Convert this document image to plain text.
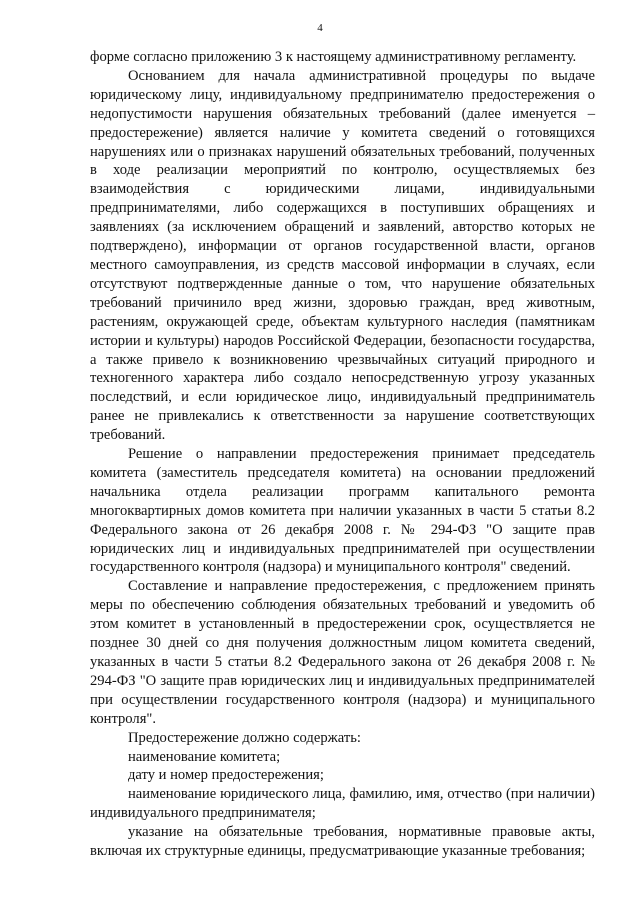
4

форме согласно приложению 3 к настоящему административному регламенту.

Основанием для начала административной процедуры по выдаче юридическому лицу, индивидуальному предпринимателю предостережения о недопустимости нарушения обязательных требований (далее именуется – предостережение) является наличие у комитета сведений о готовящихся нарушениях или о признаках нарушений обязательных требований, полученных в ходе реализации мероприятий по контролю, осуществляемых без взаимодействия с юридическими лицами, индивидуальными предпринимателями, либо содержащихся в поступивших обращениях и заявлениях (за исключением обращений и заявлений, авторство которых не подтверждено), информации от органов государственной власти, органов местного самоуправления, из средств массовой информации в случаях, если отсутствуют подтвержденные данные о том, что нарушение обязательных требований причинило вред жизни, здоровью граждан, вред животным, растениям, окружающей среде, объектам культурного наследия (памятникам истории и культуры) народов Российской Федерации, безопасности государства, а также привело к возникновению чрезвычайных ситуаций природного и техногенного характера либо создало непосредственную угрозу указанных последствий, и если юридическое лицо, индивидуальный предприниматель ранее не привлекались к ответственности за нарушение соответствующих требований.

Решение о направлении предостережения принимает председатель комитета (заместитель председателя комитета) на основании предложений начальника отдела реализации программ капитального ремонта многоквартирных домов комитета при наличии указанных в части 5 статьи 8.2 Федерального закона от 26 декабря 2008 г. № 294-ФЗ "О защите прав юридических лиц и индивидуальных предпринимателей при осуществлении государственного контроля (надзора) и муниципального контроля" сведений.

Составление и направление предостережения, с предложением принять меры по обеспечению соблюдения обязательных требований и уведомить об этом комитет в установленный в предостережении срок, осуществляется не позднее 30 дней со дня получения должностным лицом комитета сведений, указанных в части 5 статьи 8.2 Федерального закона от 26 декабря 2008 г. № 294-ФЗ "О защите прав юридических лиц и индивидуальных предпринимателей при осуществлении государственного контроля (надзора) и муниципального контроля".

Предостережение должно содержать:

наименование комитета;

дату и номер предостережения;

наименование юридического лица, фамилию, имя, отчество (при наличии) индивидуального предпринимателя;

указание на обязательные требования, нормативные правовые акты, включая их структурные единицы, предусматривающие указанные требования;
